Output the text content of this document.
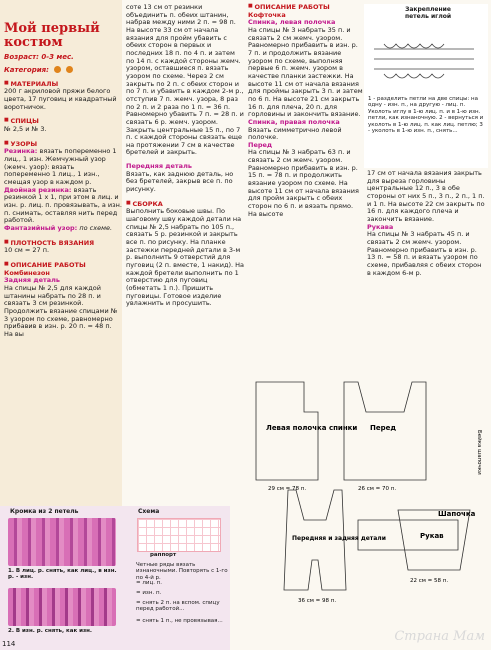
Мой первый костюм
Возраст: 0-3 мес.
Категория:
■ МАТЕРИАЛЫ

200 г акриловой пряжи белого цвета, 17 пуговиц и квадратный воротничок.

■ СПИЦЫ

№ 2,5 и № 3.

■ УЗОРЫ

Резинка: вязать попеременно 1 лиц., 1 изн. Жемчужный узор (жемч. узор): вязать попеременно 1 лиц., 1 изн., смещая узор в каждом р.

Двойная резинка: вязать резинкой 1 х 1, при этом в лиц. и изн. р. лиц. п. провязывать, а изн. п. снимать, оставляя нить перед работой.

Фантазийный узор: по схеме.

■ ПЛОТНОСТЬ ВЯЗАНИЯ

10 см = 27 п.

■ ОПИСАНИЕ РАБОТЫ

Комбинезон

Задняя деталь

На спицы № 2,5 для каждой штанины набрать по 28 п. и связать 3 см резинкой. Продолжить вязание спицами № 3 узором по схеме, равномерно прибавив в изн. р. 20 п. = 48 п. На вы

соте 13 см от резинки объединить п. обеих штанин, набрав между ними 2 п. = 98 п. На высоте 33 см от начала вязания для пройм убавить с обеих сторон в первых и последних 18 п. по 4 п. и затем по 14 п. с каждой стороны жемч. узором, оставшиеся п. вязать узором по схеме. Через 2 см закрыть по 2 п. с обеих сторон и по 7 п. и убавить в каждом 2-м р., отступив 7 п. жемч. узора, 8 раз по 2 п. и 2 раза по 1 п. = 36 п. Равномерно убавить 7 п. = 28 п. и связать 6 р. жемч. узором. Закрыть центральные 15 п., по 7 п. с каждой стороны связать еще на протяжении 7 см в качестве бретелей и закрыть.

Передняя деталь

Вязать, как заднюю деталь, но без бретелей, закрыв все п. по рисунку.

■ СБОРКА

Выполнить боковые швы. По шаговому шву каждой детали на спицы № 2,5 набрать по 105 п., связать 5 р. резинкой и закрыть все п. по рисунку. На планке застежки передней детали в 3-м р. выполнить 9 отверстий для пуговиц (2 п. вместе, 1 накид). На каждой бретели выполнить по 1 отверстию для пуговиц (обметать 1 п.). Пришить пуговицы. Готовое изделие увлажнить и просушить.

■ ОПИСАНИЕ РАБОТЫ

Кофточка

Спинка, левая полочка

На спицы № 3 набрать 35 п. и связать 2 см жемч. узором. Равномерно прибавить в изн. р. 7 п. и продолжить вязание узором по схеме, выполняя первые 6 п. жемч. узором в качестве планки застежки. На высоте 11 см от начала вязания для проймы закрыть 3 п. и затем по 6 п. На высоте 21 см закрыть 16 п. для плеча, 20 п. для горловины и закончить вязание.

Спинка, правая полочка

Вязать симметрично левой полочке.

Перед

На спицы № 3 набрать 63 п. и связать 2 см жемч. узором. Равномерно прибавить в изн. р. 15 п. = 78 п. и продолжить вязание узором по схеме. На высоте 11 см от начала вязания для пройм закрыть с обеих сторон по 6 п. и вязать прямо. На высоте

Закрепление петель иглой
1 - разделить петли на две спицы: на одну - изн. п., на другую - лиц. п. Уколоть иглу в 1-ю лиц. п. и в 1-ю изн. петли, как изнаночную. 2 - вернуться и уколоть в 1-ю лиц. п. как лиц. петлю; 3 - уколоть в 1-ю изн. п., снять...

17 см от начала вязания закрыть для выреза горловины центральные 12 п., 3 в обе стороны от них 5 п., 3 п., 2 п., 1 п. и 1 п. На высоте 22 см закрыть по 16 п. для каждого плеча и закончить вязание.

Рукава

На спицы № 3 набрать 45 п. и связать 2 см жемч. узором. Равномерно прибавить в изн. р. 13 п. = 58 п. и вязать узором по схеме, прибавляя с обеих сторон в каждом 6-м р.

Левая полочка спинки Перед
Рукав
Шапочка
Передняя и задняя детали
29 см = 78 п.	26 см = 70 п.
36 см = 98 п.
22 см = 58 п.
Бейка шапочки
Кромка из 2 петель
1. В лиц. р. снять, как лиц., в изн. р. - изн.
2. В изн. р. снять, как изн.
Схема
раппорт
Четные ряды вязать изнаночными. Повторять с 1-го по 4-й р.
= лиц. п.
= изн. п.
= снять 2 п. на вспом. спицу перед работой...
= снять 1 п., не провязывая...
114	Страна Мам
